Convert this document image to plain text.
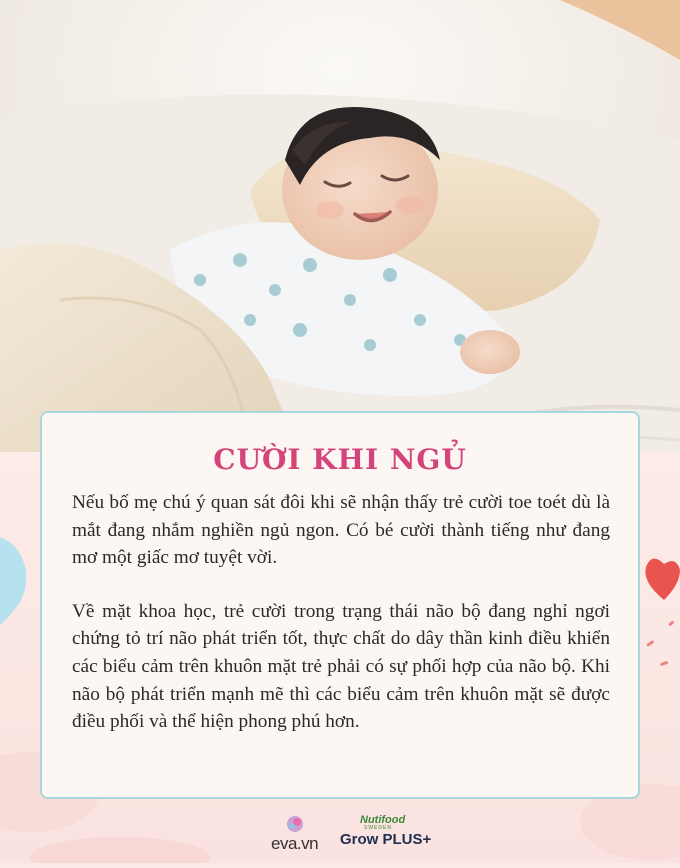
CƯỜI KHI NGỦ

Nếu bố mẹ chú ý quan sát đôi khi sẽ nhận thấy trẻ cười toe toét dù là mắt đang nhắm nghiền ngủ ngon. Có bé cười thành tiếng như đang mơ một giấc mơ tuyệt vời.

Về mặt khoa học, trẻ cười trong trạng thái não bộ đang nghỉ ngơi chứng tỏ trí não phát triển tốt, thực chất do dây thần kinh điều khiển các biểu cảm trên khuôn mặt trẻ phải có sự phối hợp của não bộ. Khi não bộ phát triển mạnh mẽ thì các biểu cảm trên khuôn mặt sẽ được điều phối và thể hiện phong phú hơn.

eva.vn
Nutifood
SWEDEN
Grow PLUS+
